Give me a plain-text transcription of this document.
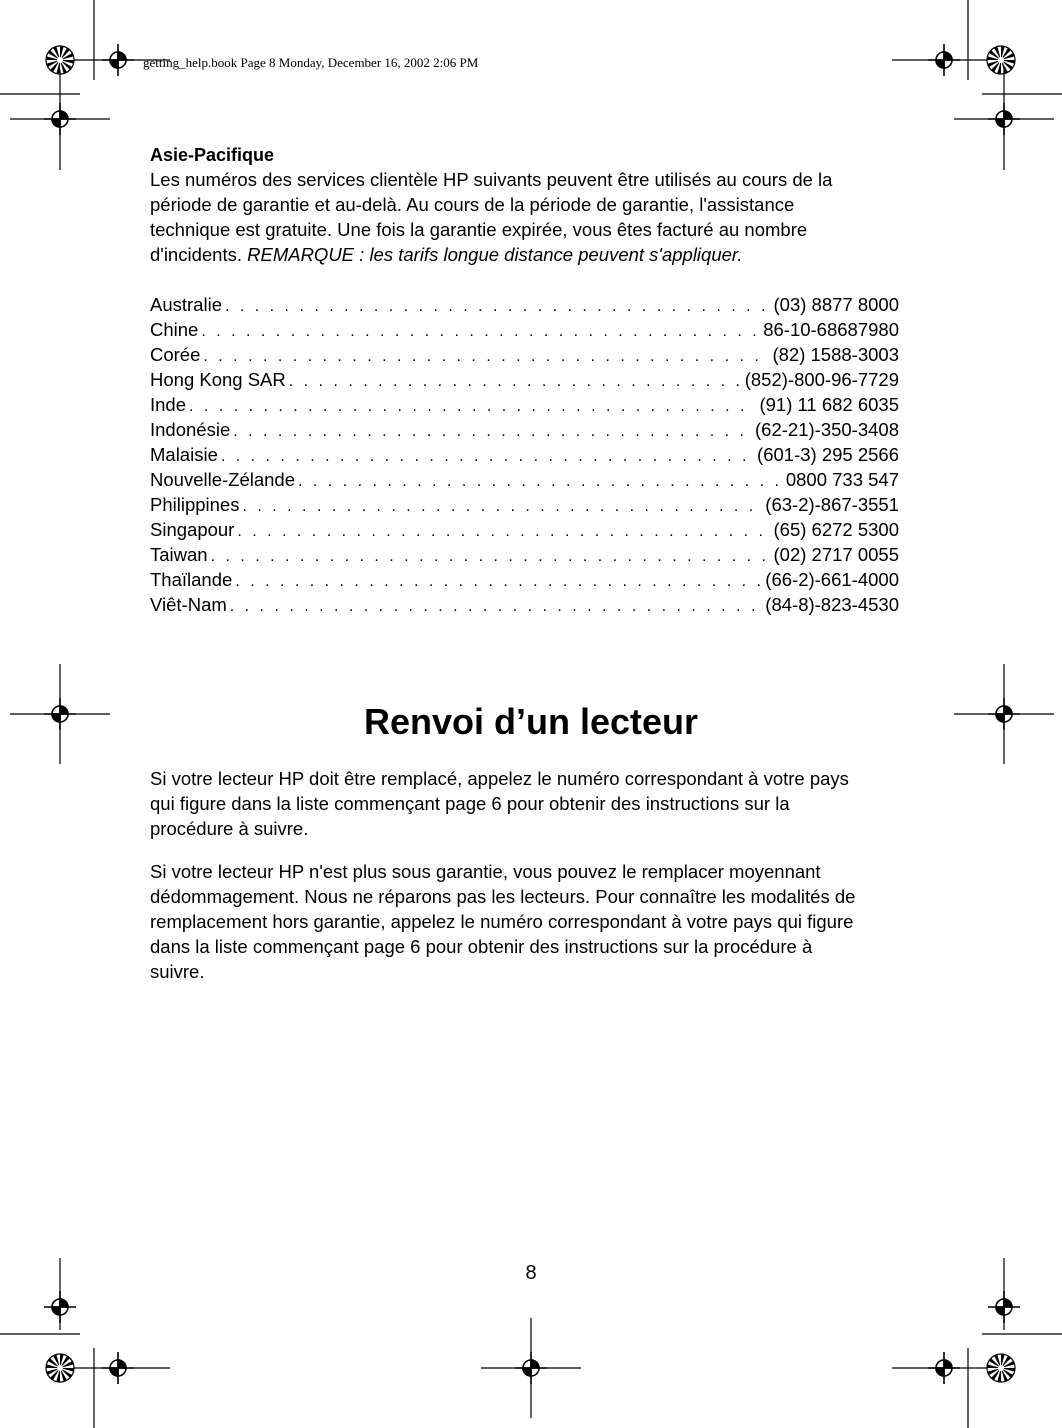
getting_help.book Page 8 Monday, December 16, 2002 2:06 PM
Asie-Pacifique

Les numéros des services clientèle HP suivants peuvent être utilisés au cours de la
période de garantie et au-delà. Au cours de la période de garantie, l'assistance
technique est gratuite. Une fois la garantie expirée, vous êtes facturé au nombre
d'incidents. REMARQUE : les tarifs longue distance peuvent s'appliquer.

Australie . . .	(03) 8877 8000
Chine . . .	86-10-68687980
Corée . . .	(82) 1588-3003
Hong Kong SAR . . .	(852)-800-96-7729
Inde . . .	(91) 11 682 6035
Indonésie . . .	(62-21)-350-3408
Malaisie . . .	(601-3) 295 2566
Nouvelle-Zélande . . .	0800 733 547
Philippines . . .	(63-2)-867-3551
Singapour . . .	(65) 6272 5300
Taiwan . . .	(02) 2717 0055
Thaïlande . . .	(66-2)-661-4000
Viêt-Nam . . .	(84-8)-823-4530
Renvoi d’un lecteur

Si votre lecteur HP doit être remplacé, appelez le numéro correspondant à votre pays
qui figure dans la liste commençant page 6 pour obtenir des instructions sur la
procédure à suivre.

Si votre lecteur HP n'est plus sous garantie, vous pouvez le remplacer moyennant
dédommagement. Nous ne réparons pas les lecteurs. Pour connaître les modalités de
remplacement hors garantie, appelez le numéro correspondant à votre pays qui figure
dans la liste commençant page 6 pour obtenir des instructions sur la procédure à
suivre.

8
